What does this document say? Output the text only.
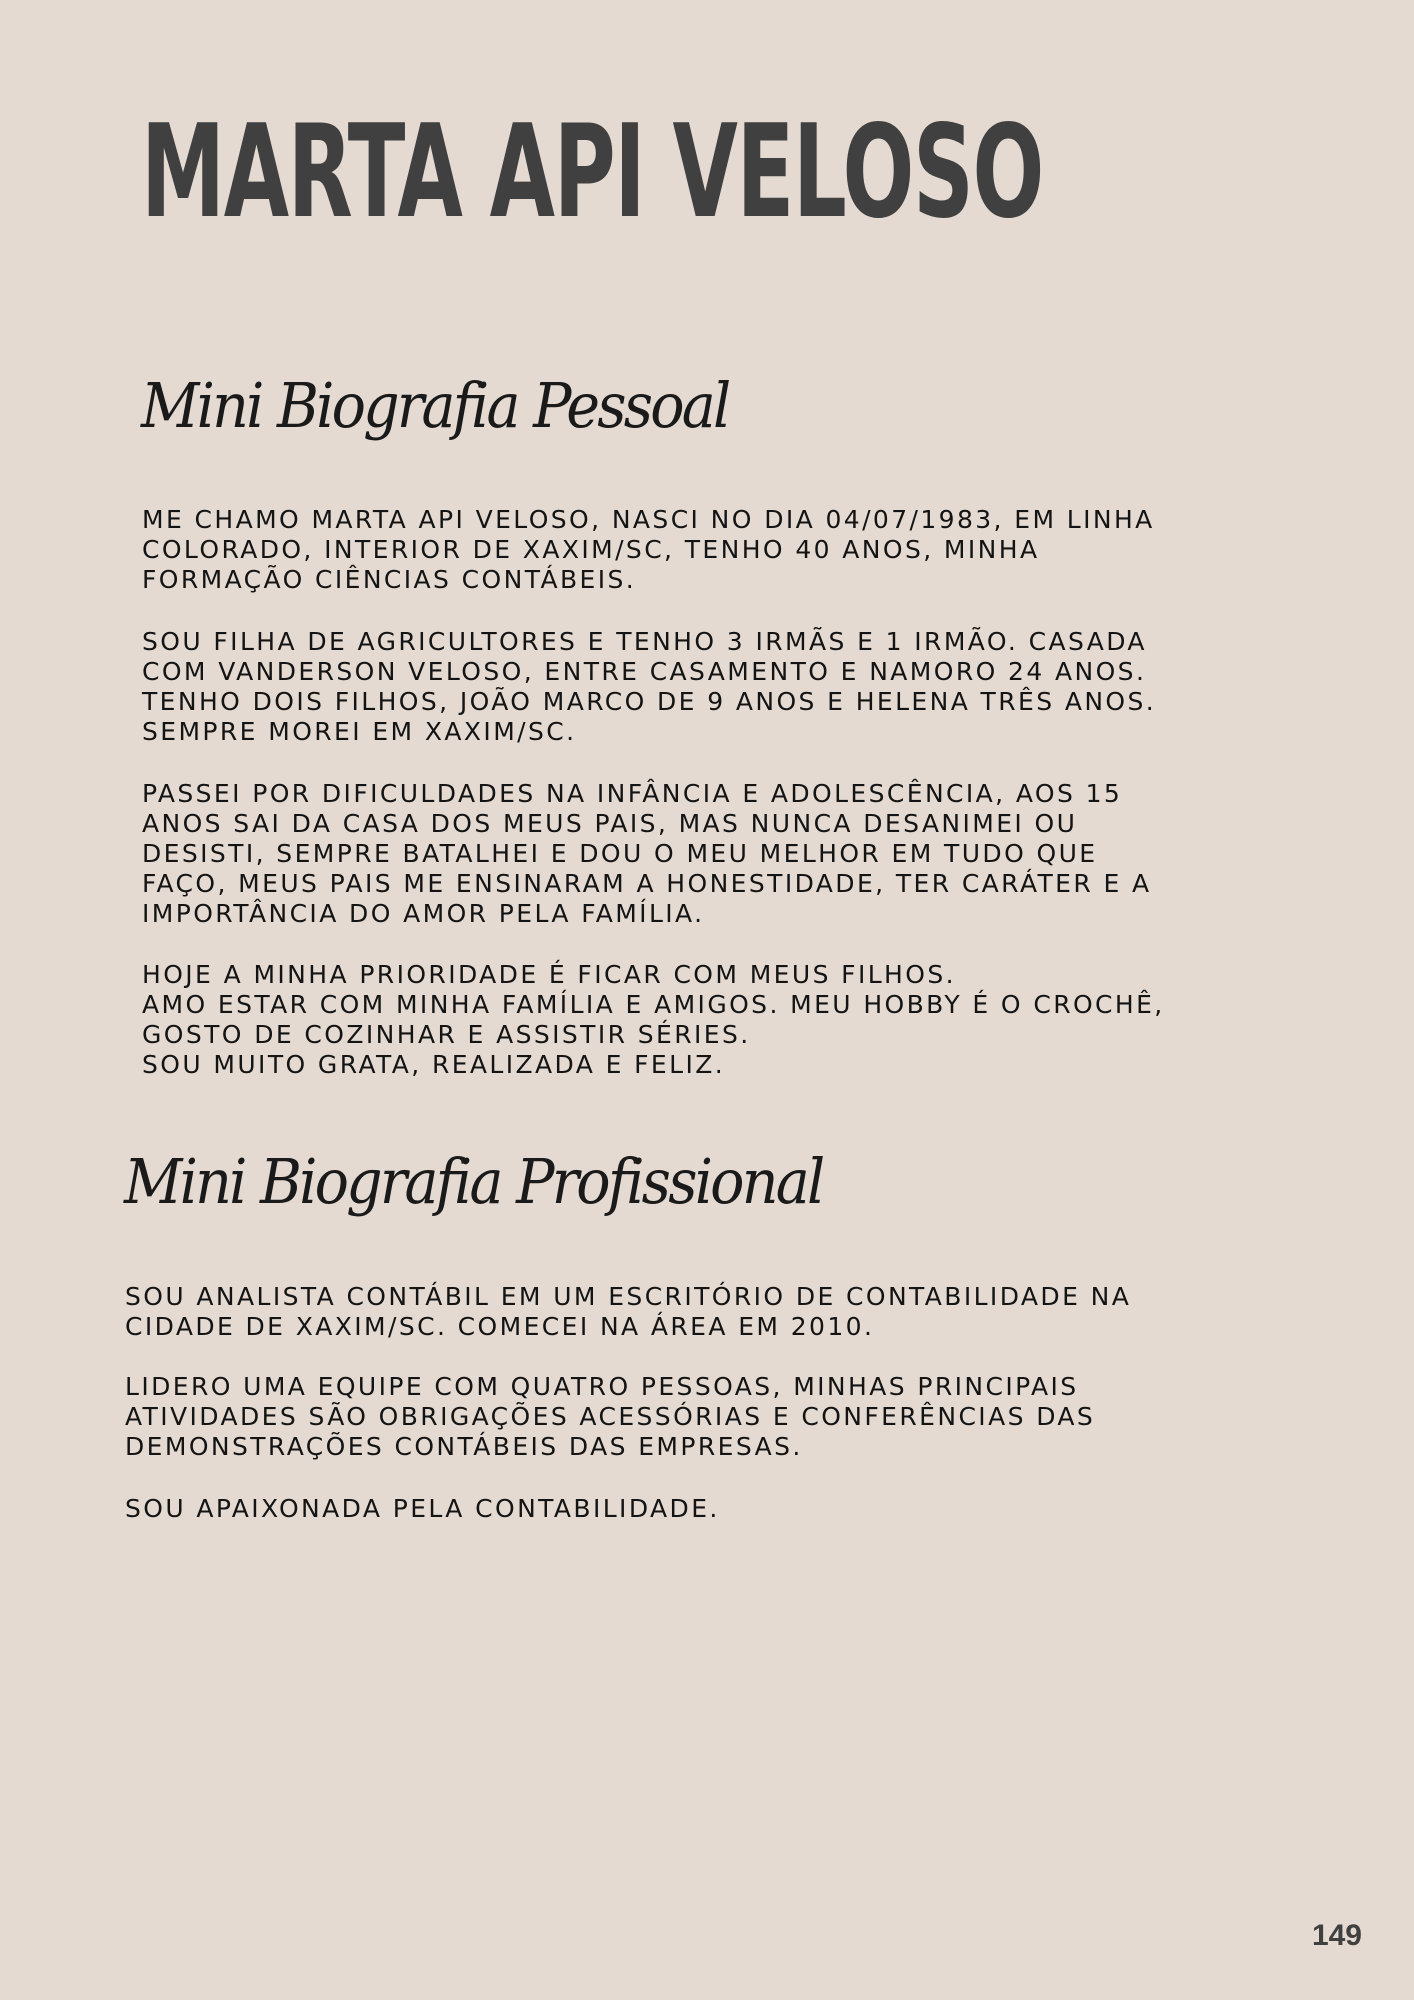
MARTA API VELOSO
Mini Biografia Pessoal

ME CHAMO MARTA API VELOSO, NASCI NO DIA 04/07/1983, EM LINHA
COLORADO, INTERIOR DE XAXIM/SC, TENHO 40 ANOS, MINHA
FORMAÇÃO CIÊNCIAS CONTÁBEIS.

SOU FILHA DE AGRICULTORES E TENHO 3 IRMÃS E 1 IRMÃO. CASADA
COM VANDERSON VELOSO, ENTRE CASAMENTO E NAMORO 24 ANOS.
TENHO DOIS FILHOS, JOÃO MARCO DE 9 ANOS E HELENA TRÊS ANOS.
SEMPRE MOREI EM XAXIM/SC.

PASSEI POR DIFICULDADES NA INFÂNCIA E ADOLESCÊNCIA, AOS 15
ANOS SAI DA CASA DOS MEUS PAIS, MAS NUNCA DESANIMEI OU
DESISTI, SEMPRE BATALHEI E DOU O MEU MELHOR EM TUDO QUE
FAÇO, MEUS PAIS ME ENSINARAM A HONESTIDADE, TER CARÁTER E A
IMPORTÂNCIA DO AMOR PELA FAMÍLIA.

HOJE A MINHA PRIORIDADE É FICAR COM MEUS FILHOS.
AMO ESTAR COM MINHA FAMÍLIA E AMIGOS. MEU HOBBY É O CROCHÊ,
GOSTO DE COZINHAR E ASSISTIR SÉRIES.
SOU MUITO GRATA, REALIZADA E FELIZ.

Mini Biografia Profissional

SOU ANALISTA CONTÁBIL EM UM ESCRITÓRIO DE CONTABILIDADE NA
CIDADE DE XAXIM/SC. COMECEI NA ÁREA EM 2010.

LIDERO UMA EQUIPE COM QUATRO PESSOAS, MINHAS PRINCIPAIS
ATIVIDADES SÃO OBRIGAÇÕES ACESSÓRIAS E CONFERÊNCIAS DAS
DEMONSTRAÇÕES CONTÁBEIS DAS EMPRESAS.

SOU APAIXONADA PELA CONTABILIDADE.

149
